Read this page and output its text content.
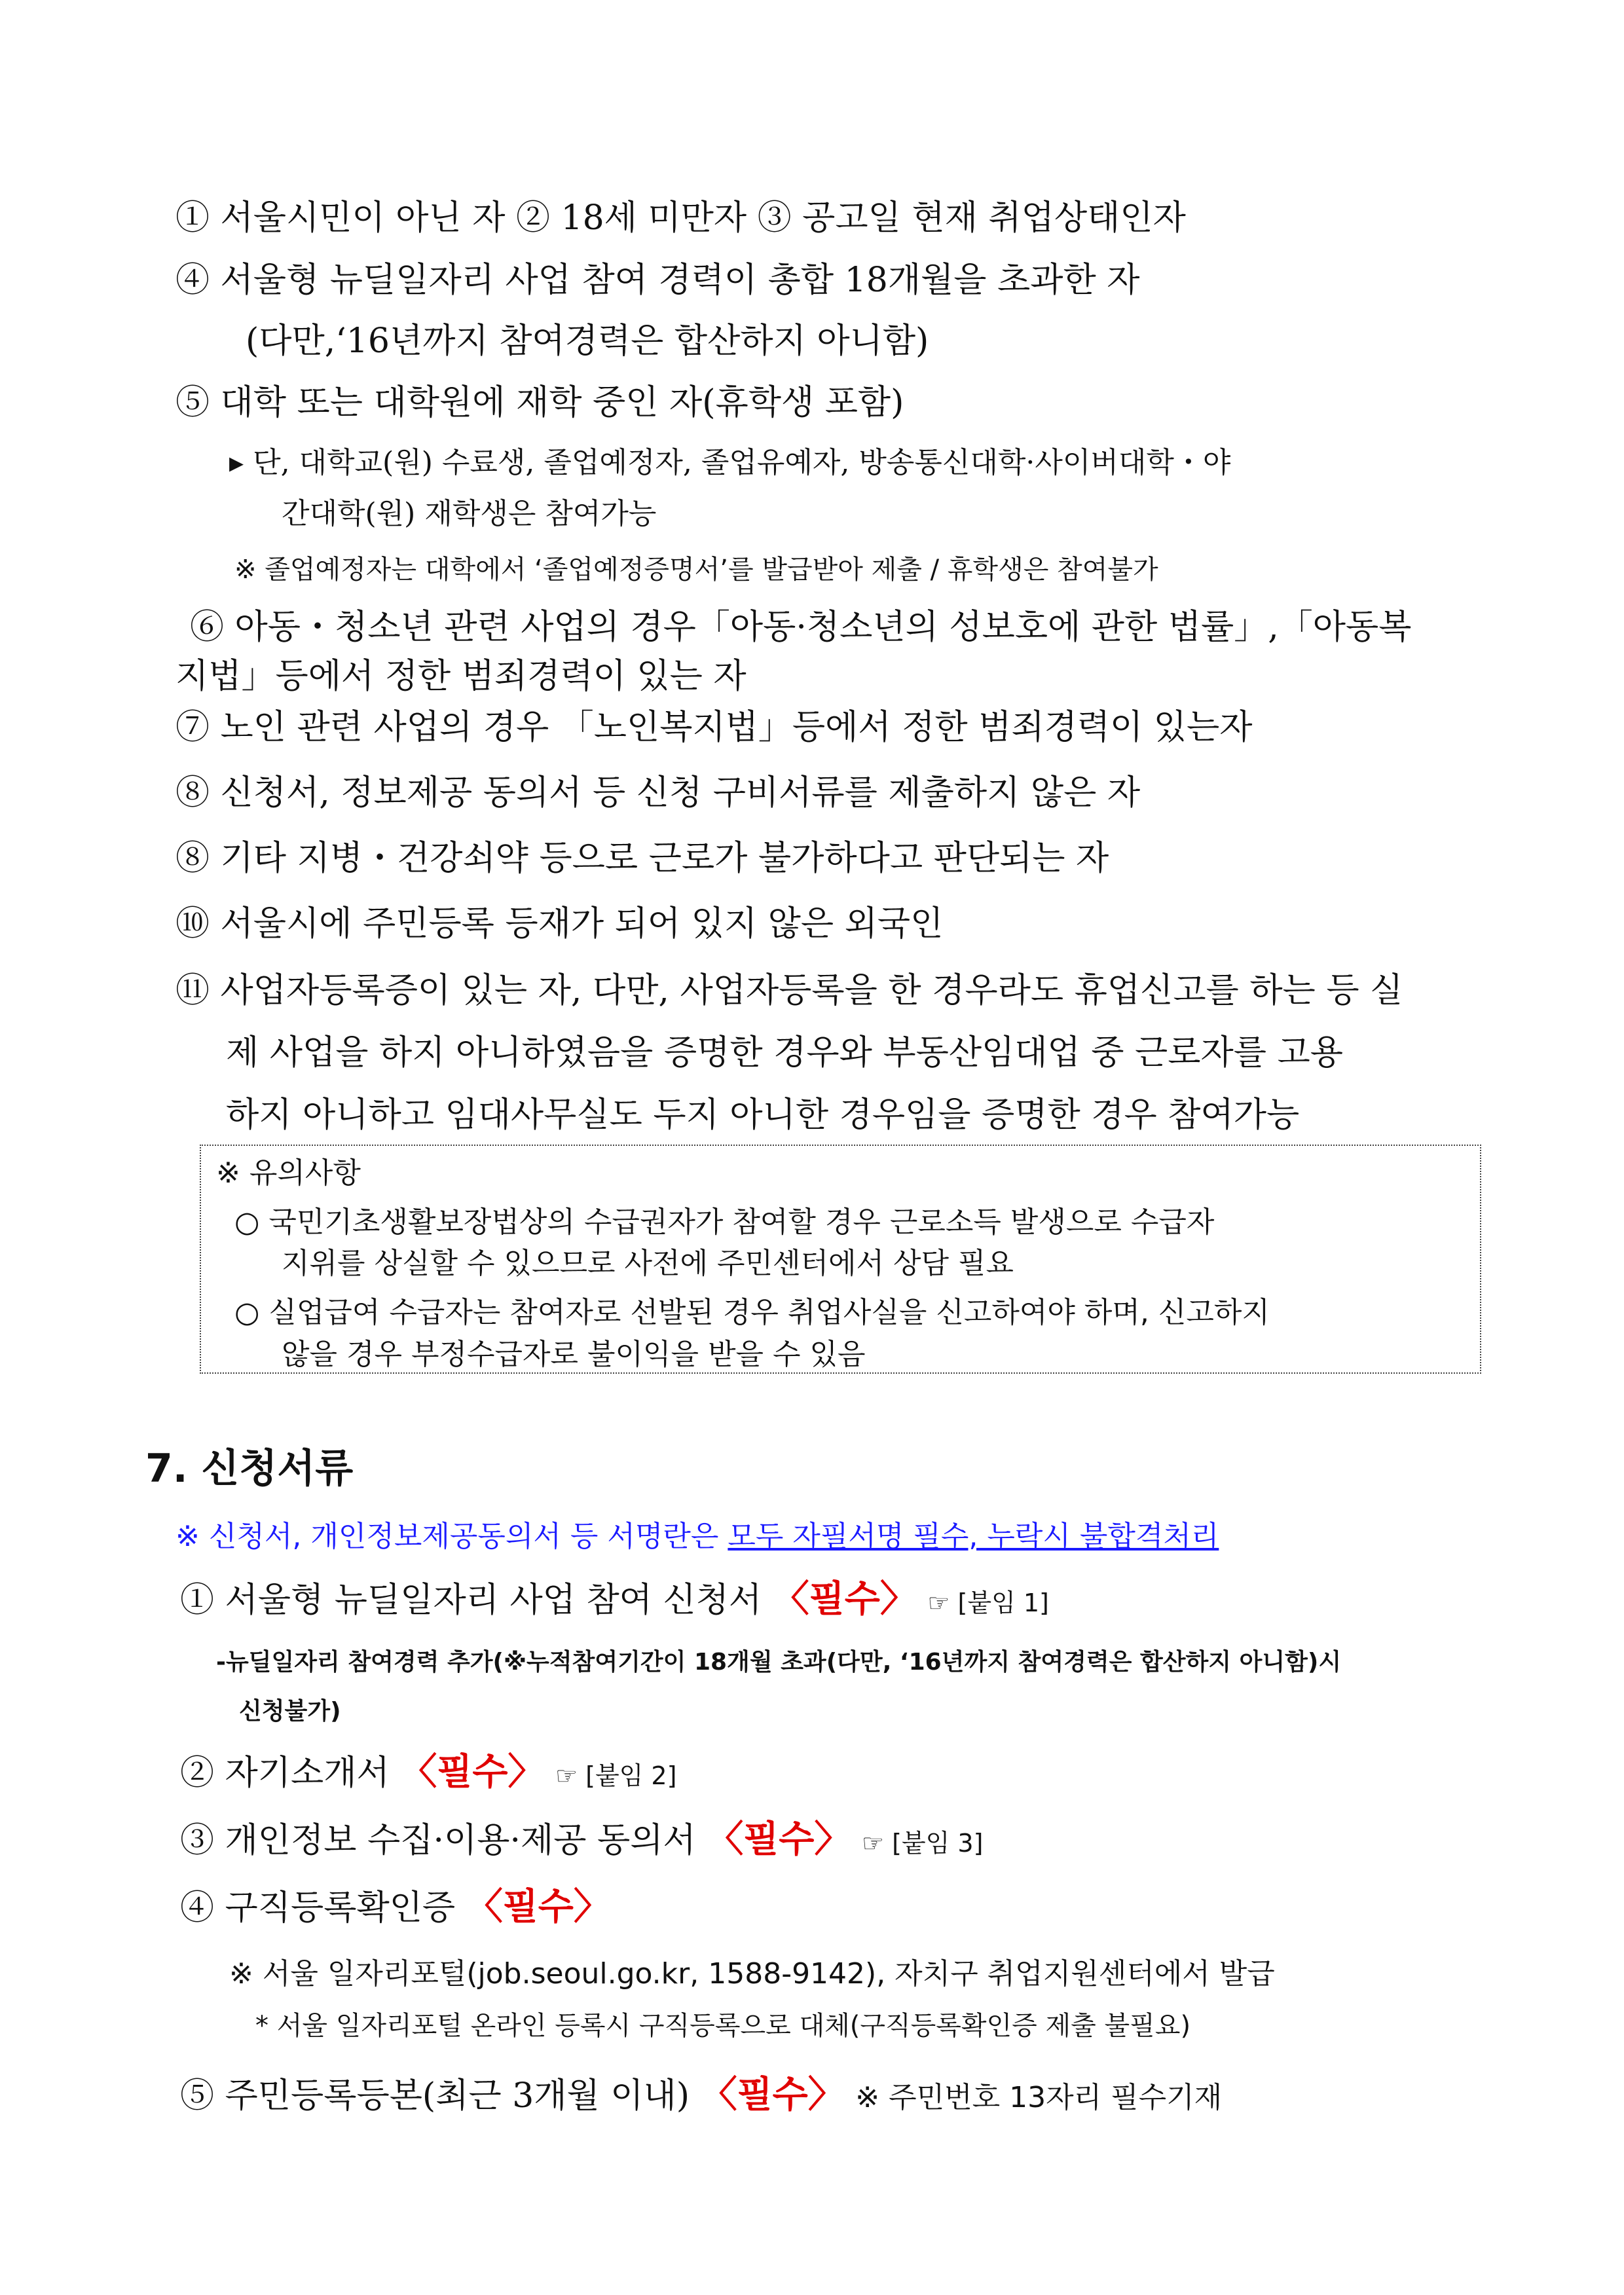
① 서울시민이 아닌 자 ② 18세 미만자 ③ 공고일 현재 취업상태인자
④ 서울형 뉴딜일자리 사업 참여 경력이 총합 18개월을 초과한 자
(다만,‘16년까지 참여경력은 합산하지 아니함)
⑤ 대학 또는 대학원에 재학 중인 자(휴학생 포함)
▸ 단, 대학교(원) 수료생, 졸업예정자, 졸업유예자, 방송통신대학·사이버대학・야
간대학(원) 재학생은 참여가능
※ 졸업예정자는 대학에서 ‘졸업예정증명서’를 발급받아 제출 / 휴학생은 참여불가
⑥ 아동・청소년 관련 사업의 경우「아동·청소년의 성보호에 관한 법률」,「아동복
지법」등에서 정한 범죄경력이 있는 자
⑦ 노인 관련 사업의 경우 「노인복지법」등에서 정한 범죄경력이 있는자
⑧ 신청서, 정보제공 동의서 등 신청 구비서류를 제출하지 않은 자
⑧ 기타 지병・건강쇠약 등으로 근로가 불가하다고 판단되는 자
⑩ 서울시에 주민등록 등재가 되어 있지 않은 외국인
⑪ 사업자등록증이 있는 자, 다만, 사업자등록을 한 경우라도 휴업신고를 하는 등 실
제 사업을 하지 아니하였음을 증명한 경우와 부동산임대업 중 근로자를 고용
하지 아니하고 임대사무실도 두지 아니한 경우임을 증명한 경우 참여가능
※ 유의사항
○ 국민기초생활보장법상의 수급권자가 참여할 경우 근로소득 발생으로 수급자
지위를 상실할 수 있으므로 사전에 주민센터에서 상담 필요
○ 실업급여 수급자는 참여자로 선발된 경우 취업사실을 신고하여야 하며, 신고하지
않을 경우 부정수급자로 불이익을 받을 수 있음
7. 신청서류
※ 신청서, 개인정보제공동의서 등 서명란은 모두 자필서명 필수, 누락시 불합격처리
① 서울형 뉴딜일자리 사업 참여 신청서 〈필수〉 ☞ [붙임 1]
-뉴딜일자리 참여경력 추가(※누적참여기간이 18개월 초과(다만, ‘16년까지 참여경력은 합산하지 아니함)시
신청불가)
② 자기소개서 〈필수〉 ☞ [붙임 2]
③ 개인정보 수집·이용·제공 동의서 〈필수〉 ☞ [붙임 3]
④ 구직등록확인증 〈필수〉
※ 서울 일자리포털(job.seoul.go.kr, 1588-9142), 자치구 취업지원센터에서 발급
* 서울 일자리포털 온라인 등록시 구직등록으로 대체(구직등록확인증 제출 불필요)
⑤ 주민등록등본(최근 3개월 이내) 〈필수〉 ※ 주민번호 13자리 필수기재
